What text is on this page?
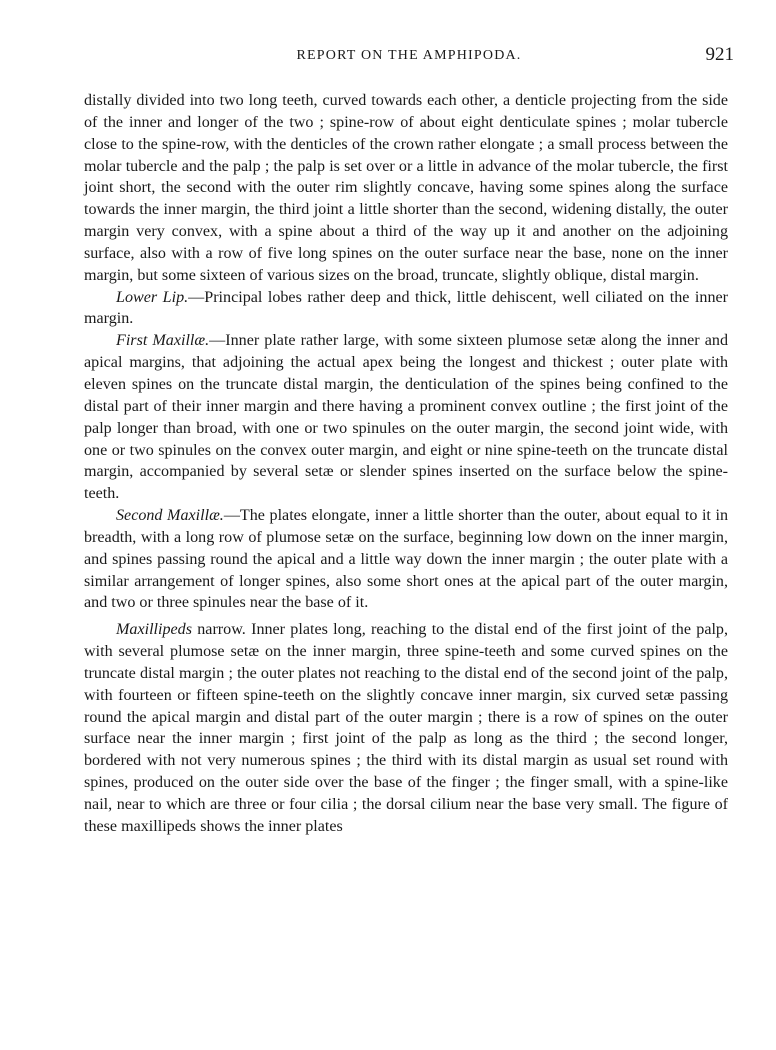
REPORT ON THE AMPHIPODA.	921

distally divided into two long teeth, curved towards each other, a denticle projecting from the side of the inner and longer of the two ; spine-row of about eight denticulate spines ; molar tubercle close to the spine-row, with the denticles of the crown rather elongate ; a small process between the molar tubercle and the palp ; the palp is set over or a little in advance of the molar tubercle, the first joint short, the second with the outer rim slightly concave, having some spines along the surface towards the inner margin, the third joint a little shorter than the second, widening distally, the outer margin very convex, with a spine about a third of the way up it and another on the adjoining surface, also with a row of five long spines on the outer surface near the base, none on the inner margin, but some sixteen of various sizes on the broad, truncate, slightly oblique, distal margin.

Lower Lip.—Principal lobes rather deep and thick, little dehiscent, well ciliated on the inner margin.

First Maxillæ.—Inner plate rather large, with some sixteen plumose setæ along the inner and apical margins, that adjoining the actual apex being the longest and thickest ; outer plate with eleven spines on the truncate distal margin, the denticulation of the spines being confined to the distal part of their inner margin and there having a prominent convex outline ; the first joint of the palp longer than broad, with one or two spinules on the outer margin, the second joint wide, with one or two spinules on the convex outer margin, and eight or nine spine-teeth on the truncate distal margin, accompanied by several setæ or slender spines inserted on the surface below the spine-teeth.

Second Maxillæ.—The plates elongate, inner a little shorter than the outer, about equal to it in breadth, with a long row of plumose setæ on the surface, beginning low down on the inner margin, and spines passing round the apical and a little way down the inner margin ; the outer plate with a similar arrangement of longer spines, also some short ones at the apical part of the outer margin, and two or three spinules near the base of it.

Maxillipeds narrow. Inner plates long, reaching to the distal end of the first joint of the palp, with several plumose setæ on the inner margin, three spine-teeth and some curved spines on the truncate distal margin ; the outer plates not reaching to the distal end of the second joint of the palp, with fourteen or fifteen spine-teeth on the slightly concave inner margin, six curved setæ passing round the apical margin and distal part of the outer margin ; there is a row of spines on the outer surface near the inner margin ; first joint of the palp as long as the third ; the second longer, bordered with not very numerous spines ; the third with its distal margin as usual set round with spines, produced on the outer side over the base of the finger ; the finger small, with a spine-like nail, near to which are three or four cilia ; the dorsal cilium near the base very small. The figure of these maxillipeds shows the inner plates
